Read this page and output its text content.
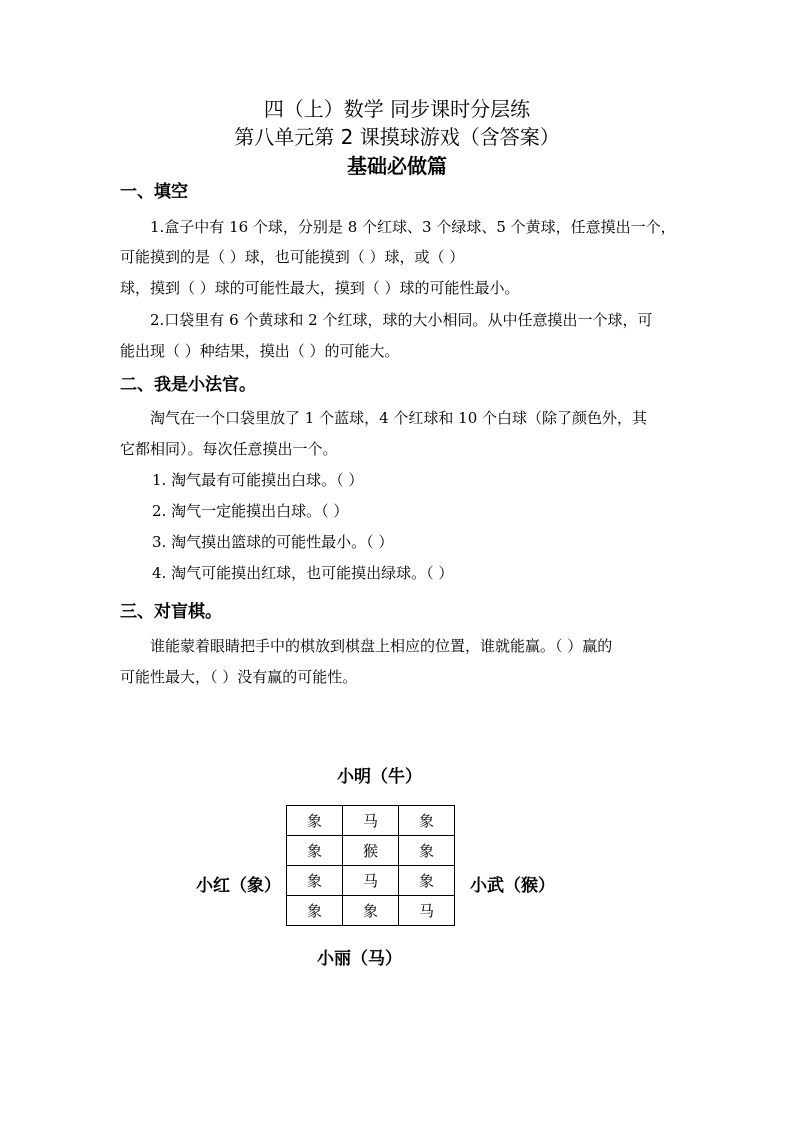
四（上）数学 同步课时分层练
第八单元第 2 课摸球游戏（含答案）
基础必做篇
一、填空
1.盒子中有 16 个球，分别是 8 个红球、3 个绿球、5 个黄球，任意摸出一个，
可能摸到的是（ ）球，也可能摸到（ ）球，或（ ）
球，摸到（ ）球的可能性最大，摸到（ ）球的可能性最小。
2.口袋里有 6 个黄球和 2 个红球，球的大小相同。从中任意摸出一个球，可
能出现（ ）种结果，摸出（ ）的可能大。
二、我是小法官。
淘气在一个口袋里放了 1 个蓝球，4 个红球和 10 个白球（除了颜色外，其
它都相同）。每次任意摸出一个。
1. 淘气最有可能摸出白球。（ ）
2. 淘气一定能摸出白球。（ ）
3. 淘气摸出篮球的可能性最小。（ ）
4. 淘气可能摸出红球，也可能摸出绿球。（ ）
三、对盲棋。
谁能蒙着眼睛把手中的棋放到棋盘上相应的位置，谁就能赢。（ ）赢的
可能性最大，（ ）没有赢的可能性。
小明（牛）
小红（象）	小武（猴）
小丽（马）
象	马	象
象	猴	象
象	马	象
象	象	马
